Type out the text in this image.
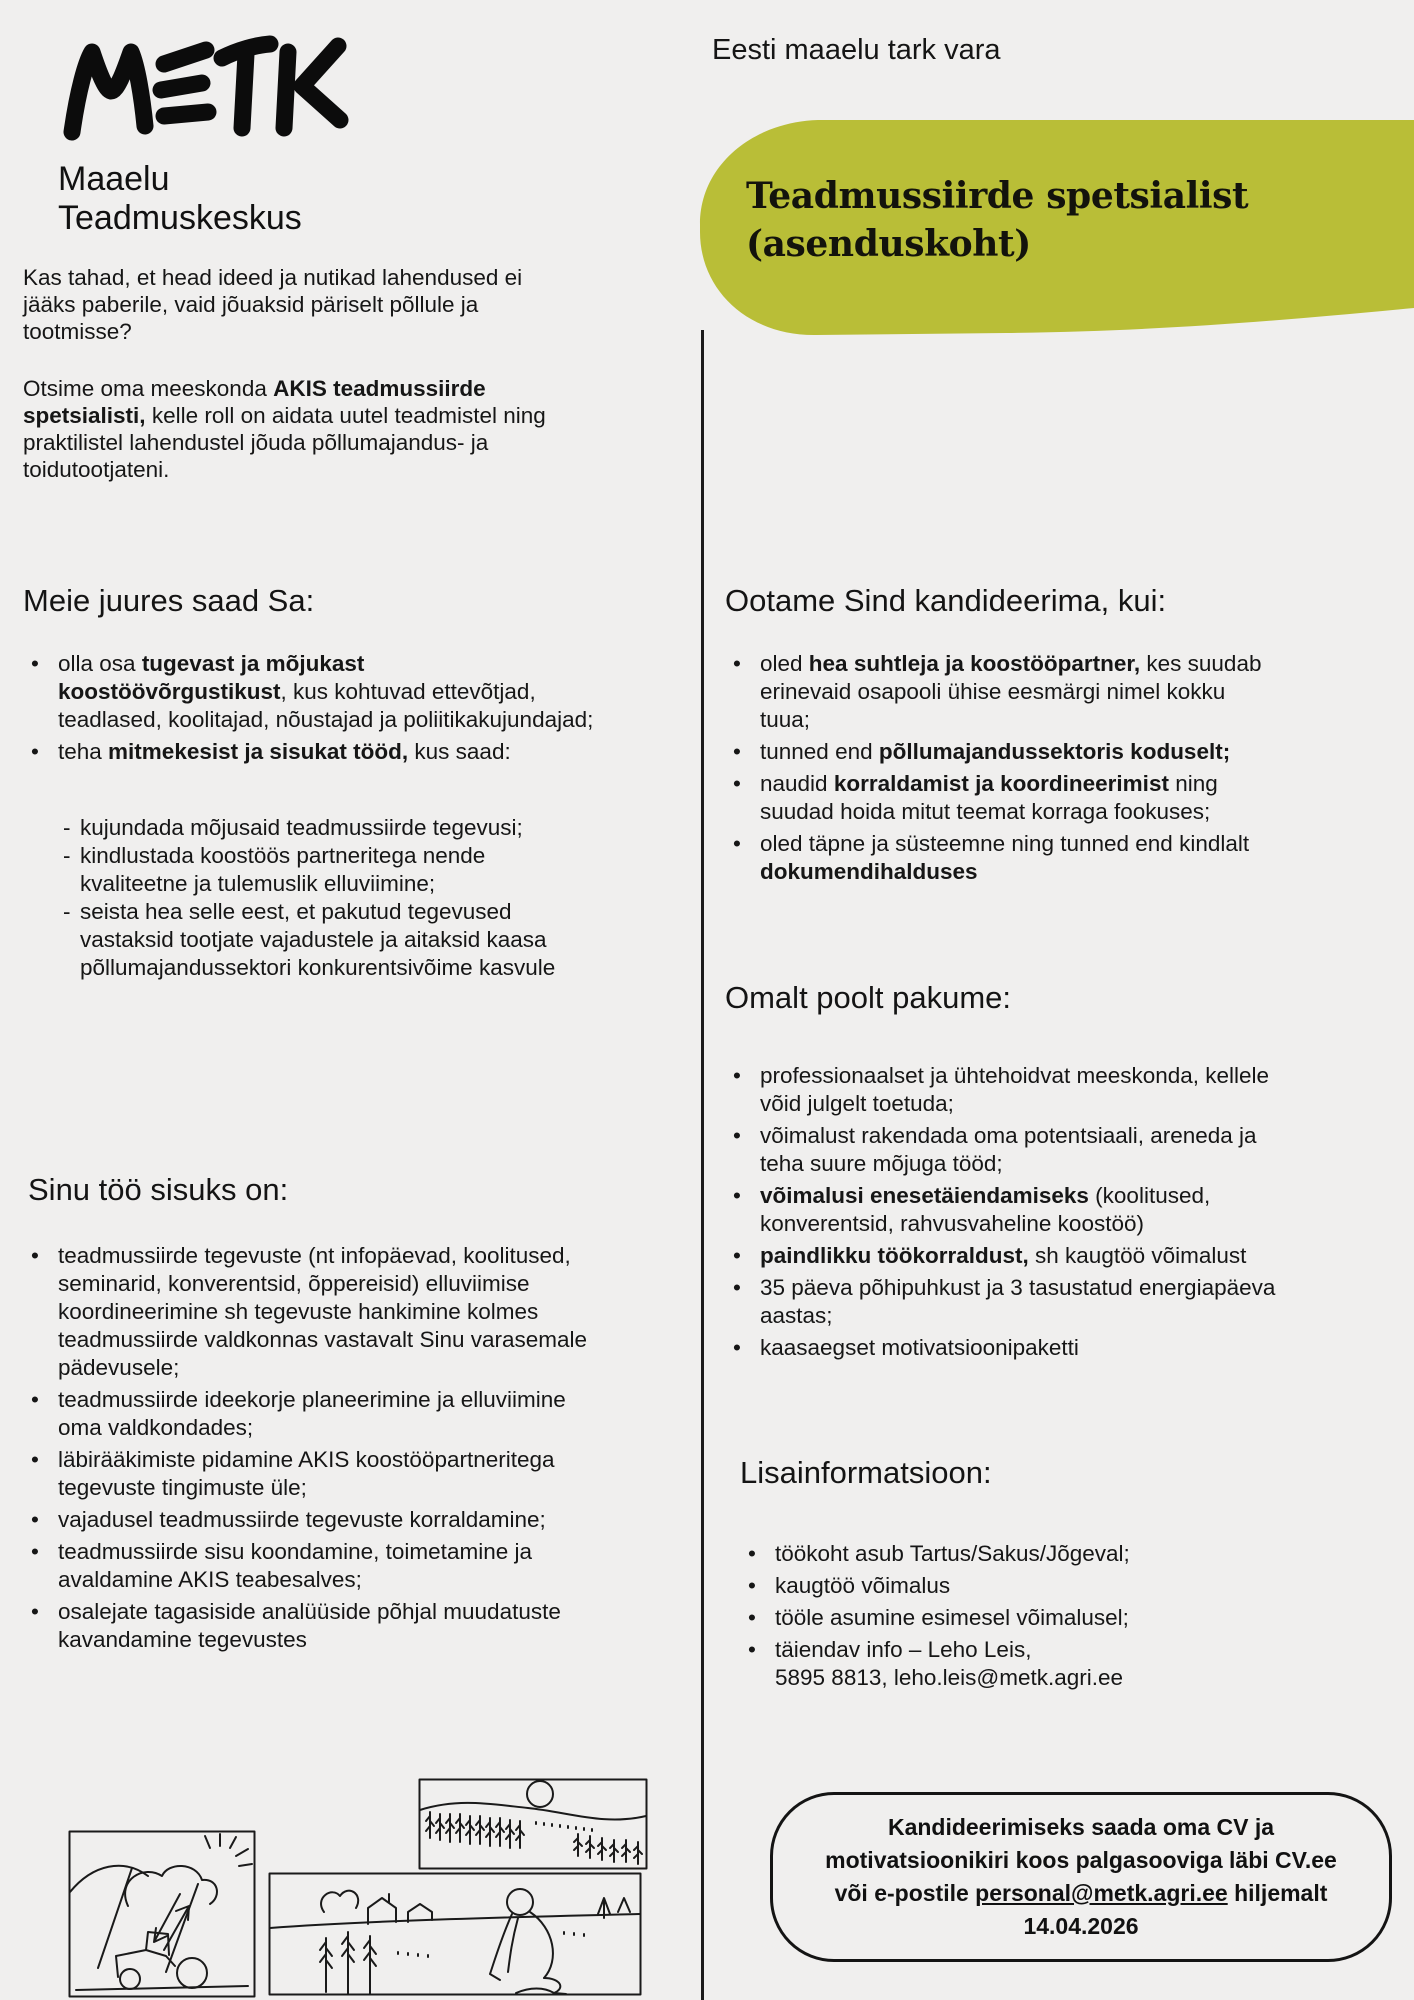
Maaelu
Teadmuskeskus
Eesti maaelu tark vara
Teadmussiirde spetsialist
(asenduskoht)

Kas tahad, et head ideed ja nutikad lahendused ei jääks paberile, vaid jõuaksid päriselt põllule ja tootmisse?

Otsime oma meeskonda AKIS teadmussiirde spetsialisti, kelle roll on aidata uutel teadmistel ning praktilistel lahendustel jõuda põllumajandus- ja toidutootjateni.

Meie juures saad Sa:
• olla osa tugevast ja mõjukast koostöövõrgustikust, kus kohtuvad ettevõtjad, teadlased, koolitajad, nõustajad ja poliitikakujundajad;
• teha mitmekesist ja sisukat tööd, kus saad:
- kujundada mõjusaid teadmussiirde tegevusi;
- kindlustada koostöös partneritega nende kvaliteetne ja tulemuslik elluviimine;
- seista hea selle eest, et pakutud tegevused vastaksid tootjate vajadustele ja aitaksid kaasa põllumajandussektori konkurentsivõime kasvule
Sinu töö sisuks on:
• teadmussiirde tegevuste (nt infopäevad, koolitused, seminarid, konverentsid, õppereisid) elluviimise koordineerimine sh tegevuste hankimine kolmes teadmussiirde valdkonnas vastavalt Sinu varasemale pädevusele;
• teadmussiirde ideekorje planeerimine ja elluviimine oma valdkondades;
• läbirääkimiste pidamine AKIS koostööpartneritega tegevuste tingimuste üle;
• vajadusel teadmussiirde tegevuste korraldamine;
• teadmussiirde sisu koondamine, toimetamine ja avaldamine AKIS teabesalves;
• osalejate tagasiside analüüside põhjal muudatuste kavandamine tegevustes
Ootame Sind kandideerima, kui:
• oled hea suhtleja ja koostööpartner, kes suudab erinevaid osapooli ühise eesmärgi nimel kokku tuua;
• tunned end põllumajandussektoris koduselt;
• naudid korraldamist ja koordineerimist ning suudad hoida mitut teemat korraga fookuses;
• oled täpne ja süsteemne ning tunned end kindlalt dokumendihalduses
Omalt poolt pakume:
• professionaalset ja ühtehoidvat meeskonda, kellele võid julgelt toetuda;
• võimalust rakendada oma potentsiaali, areneda ja teha suure mõjuga tööd;
• võimalusi enesetäiendamiseks (koolitused, konverentsid, rahvusvaheline koostöö)
• paindlikku töökorraldust, sh kaugtöö võimalust
• 35 päeva põhipuhkust ja 3 tasustatud energiapäeva aastas;
• kaasaegset motivatsioonipaketti
Lisainformatsioon:
• töökoht asub Tartus/Sakus/Jõgeval;
• kaugtöö võimalus
• tööle asumine esimesel võimalusel;
• täiendav info – Leho Leis,
5895 8813, leho.leis@metk.agri.ee
Kandideerimiseks saada oma CV ja motivatsioonikiri koos palgasooviga läbi CV.ee või e-postile personal@metk.agri.ee hiljemalt 14.04.2026
